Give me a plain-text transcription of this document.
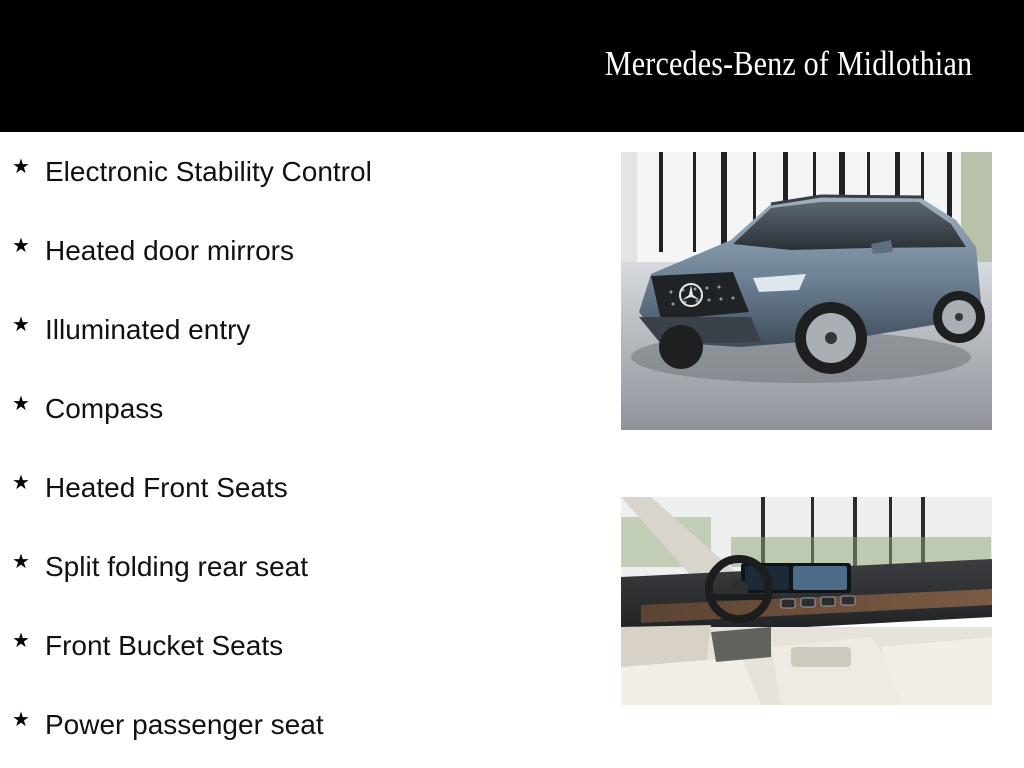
Mercedes-Benz of Midlothian
★ Electronic Stability Control
★ Heated door mirrors
★ Illuminated entry
★ Compass
★ Heated Front Seats
★ Split folding rear seat
★ Front Bucket Seats
★ Power passenger seat
